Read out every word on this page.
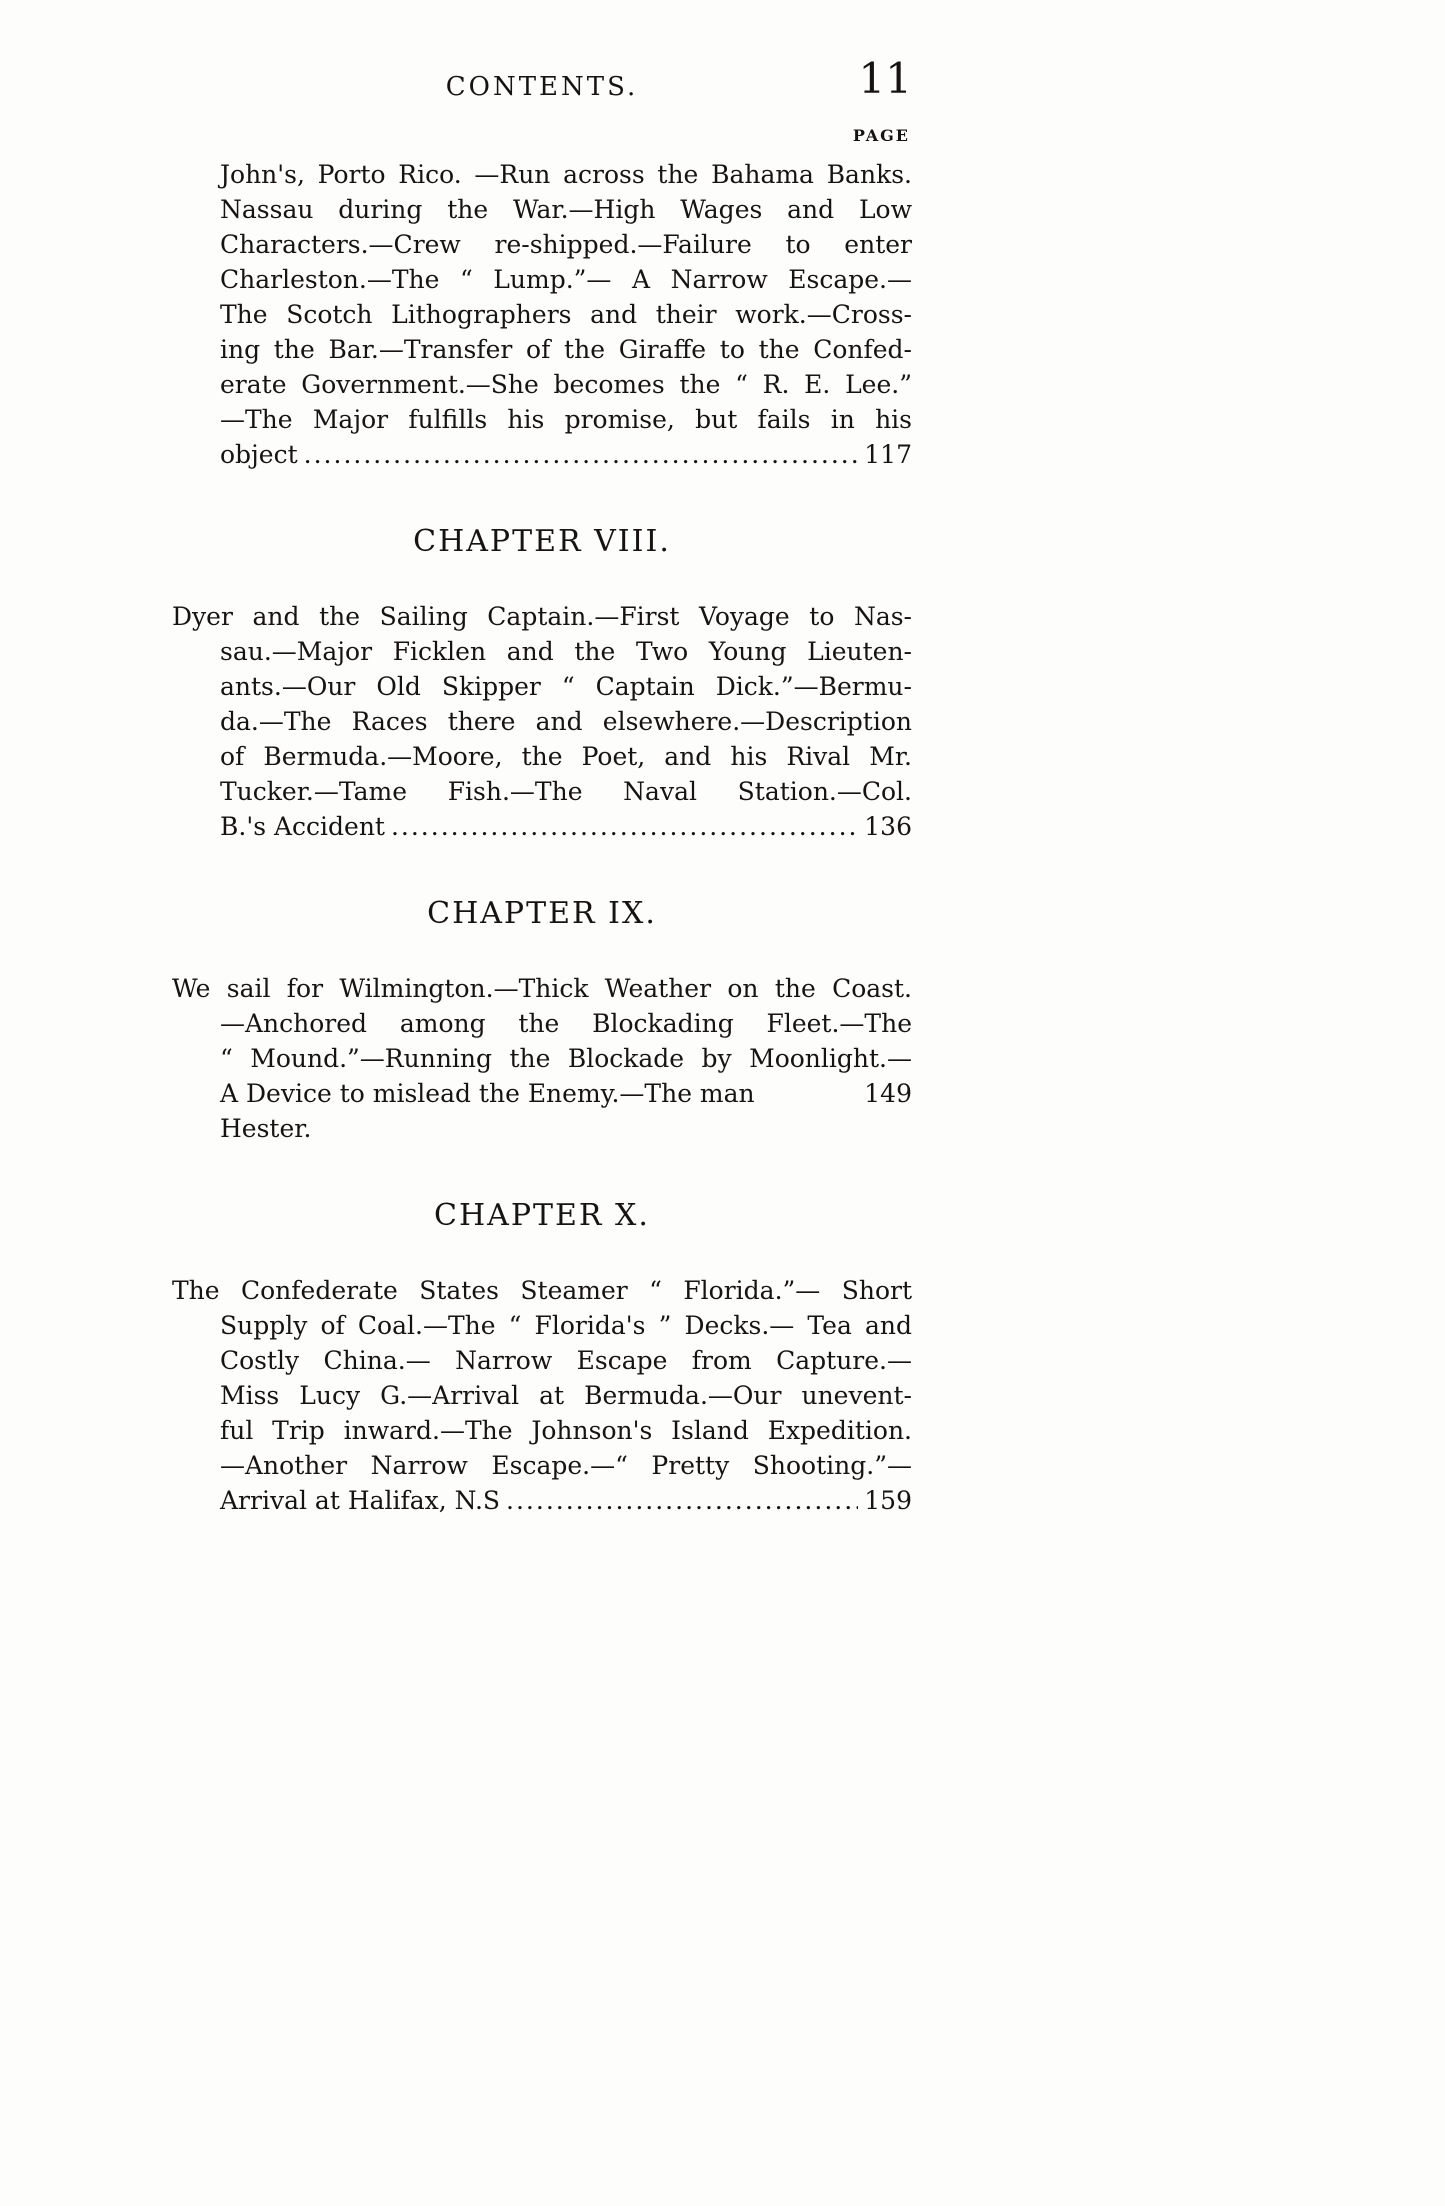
CONTENTS.	11
PAGE
John's, Porto Rico. —Run across the Bahama Banks.
Nassau during the War.—High Wages and Low
Characters.—Crew re-shipped.—Failure to enter
Charleston.—The “ Lump.”— A Narrow Escape.—
The Scotch Lithographers and their work.—Cross-
ing the Bar.—Transfer of the Giraffe to the Confed-
erate Government.—She becomes the “ R. E. Lee.”
—The Major fulfills his promise, but fails in his
object .....	117
CHAPTER VIII.
Dyer and the Sailing Captain.—First Voyage to Nas-
sau.—Major Ficklen and the Two Young Lieuten-
ants.—Our Old Skipper “ Captain Dick.”—Bermu-
da.—The Races there and elsewhere.—Description
of Bermuda.—Moore, the Poet, and his Rival Mr.
Tucker.—Tame Fish.—The Naval Station.—Col.
B.'s Accident .....	136
CHAPTER IX.
We sail for Wilmington.—Thick Weather on the Coast.
—Anchored among the Blockading Fleet.—The
“ Mound.”—Running the Blockade by Moonlight.—
A Device to mislead the Enemy.—The man Hester.
149
CHAPTER X.
The Confederate States Steamer “ Florida.”— Short
Supply of Coal.—The “ Florida's ” Decks.— Tea and
Costly China.— Narrow Escape from Capture.—
Miss Lucy G.—Arrival at Bermuda.—Our unevent-
ful Trip inward.—The Johnson's Island Expedition.
—Another Narrow Escape.—“ Pretty Shooting.”—
Arrival at Halifax, N.S .....	159
